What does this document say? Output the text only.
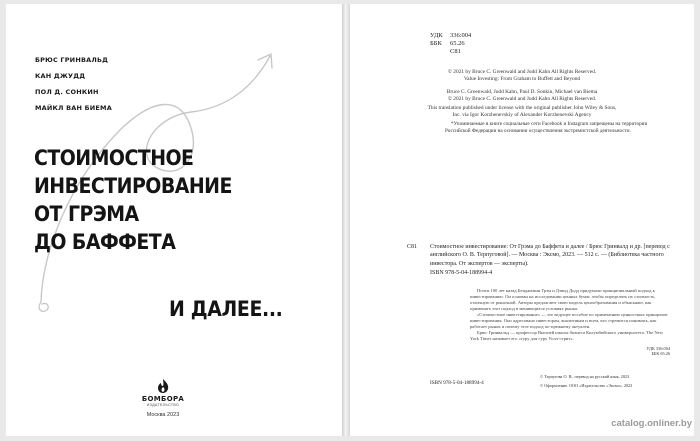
БРЮС ГРИНВАЛЬД
КАН ДЖУДД
ПОЛ Д. СОНКИН
МАЙКЛ ВАН БИЕМА
СТОИМОСТНОЕ
ИНВЕСТИРОВАНИЕ
ОТ ГРЭМА
ДО БАФФЕТА
И ДАЛЕЕ...
БОМБОРА
ИЗДАТЕЛЬСТВО
Москва 2023
УДК 336:004
ББК 65.26
С81
© 2021 by Bruce C. Greenwald and Judd Kahn All Rights Reserved.
Value Investing: From Graham to Buffett and Beyond
Bruce C. Greenwald, Judd Kahn, Paul D. Sonkin, Michael van Biema
© 2021 by Bruce C. Greenwald and Judd Kahn All Rights Reserved.
This translation published under license with the original publisher John Wiley & Sons,
Inc. via Igor Korzhenevskiy of Alexander Korzhenevski Agency
*Упоминаемые в книге социальные сети Facebook и Instagram запрещены на территории Российской Федерации на основании осуществления экстремистской деятельности.
С81 Стоимостное инвестирование: От Грэма до Баффета и далее / Брюс Гринвалд и др. [перевод с английского О. В. Терпуговой]. — Москва : Эксмо, 2023. — 512 с. — (Библиотека частного инвестора. От экспертов — эксперты).
ISBN 978-5-04-188994-4
Почти 100 лет назад Бенджамин Грэм и Дэвид Додд придумали принципиальный подход к инвестированию. Он основан на исследовании ценных бумаг, чтобы определить их стоимость, отличную от рыночной. Авторы предлагают свою модель ценообразования и объясняют, как применять этот подход в меняющихся условиях рынка.
«Стоимостное инвестирование» — это ведущее пособие по применению ценностных принципов инвестирования. Оно адресовано инвесторам, аналитикам и всем, кто стремится понимать, как работает рынок и почему этот подход по-прежнему актуален.
Брюс Гринвальд — профессор Высшей школы бизнеса Колумбийского университета. The New York Times называет его «гуру для гуру Уолл-стрит».
УДК 336:004
ББК 65.26
ISBN 978-5-04-188994-4
© Терпугова О. В., перевод на русский язык, 2023
© Оформление. ООО «Издательство «Эксмо», 2023
catalog.onliner.by
